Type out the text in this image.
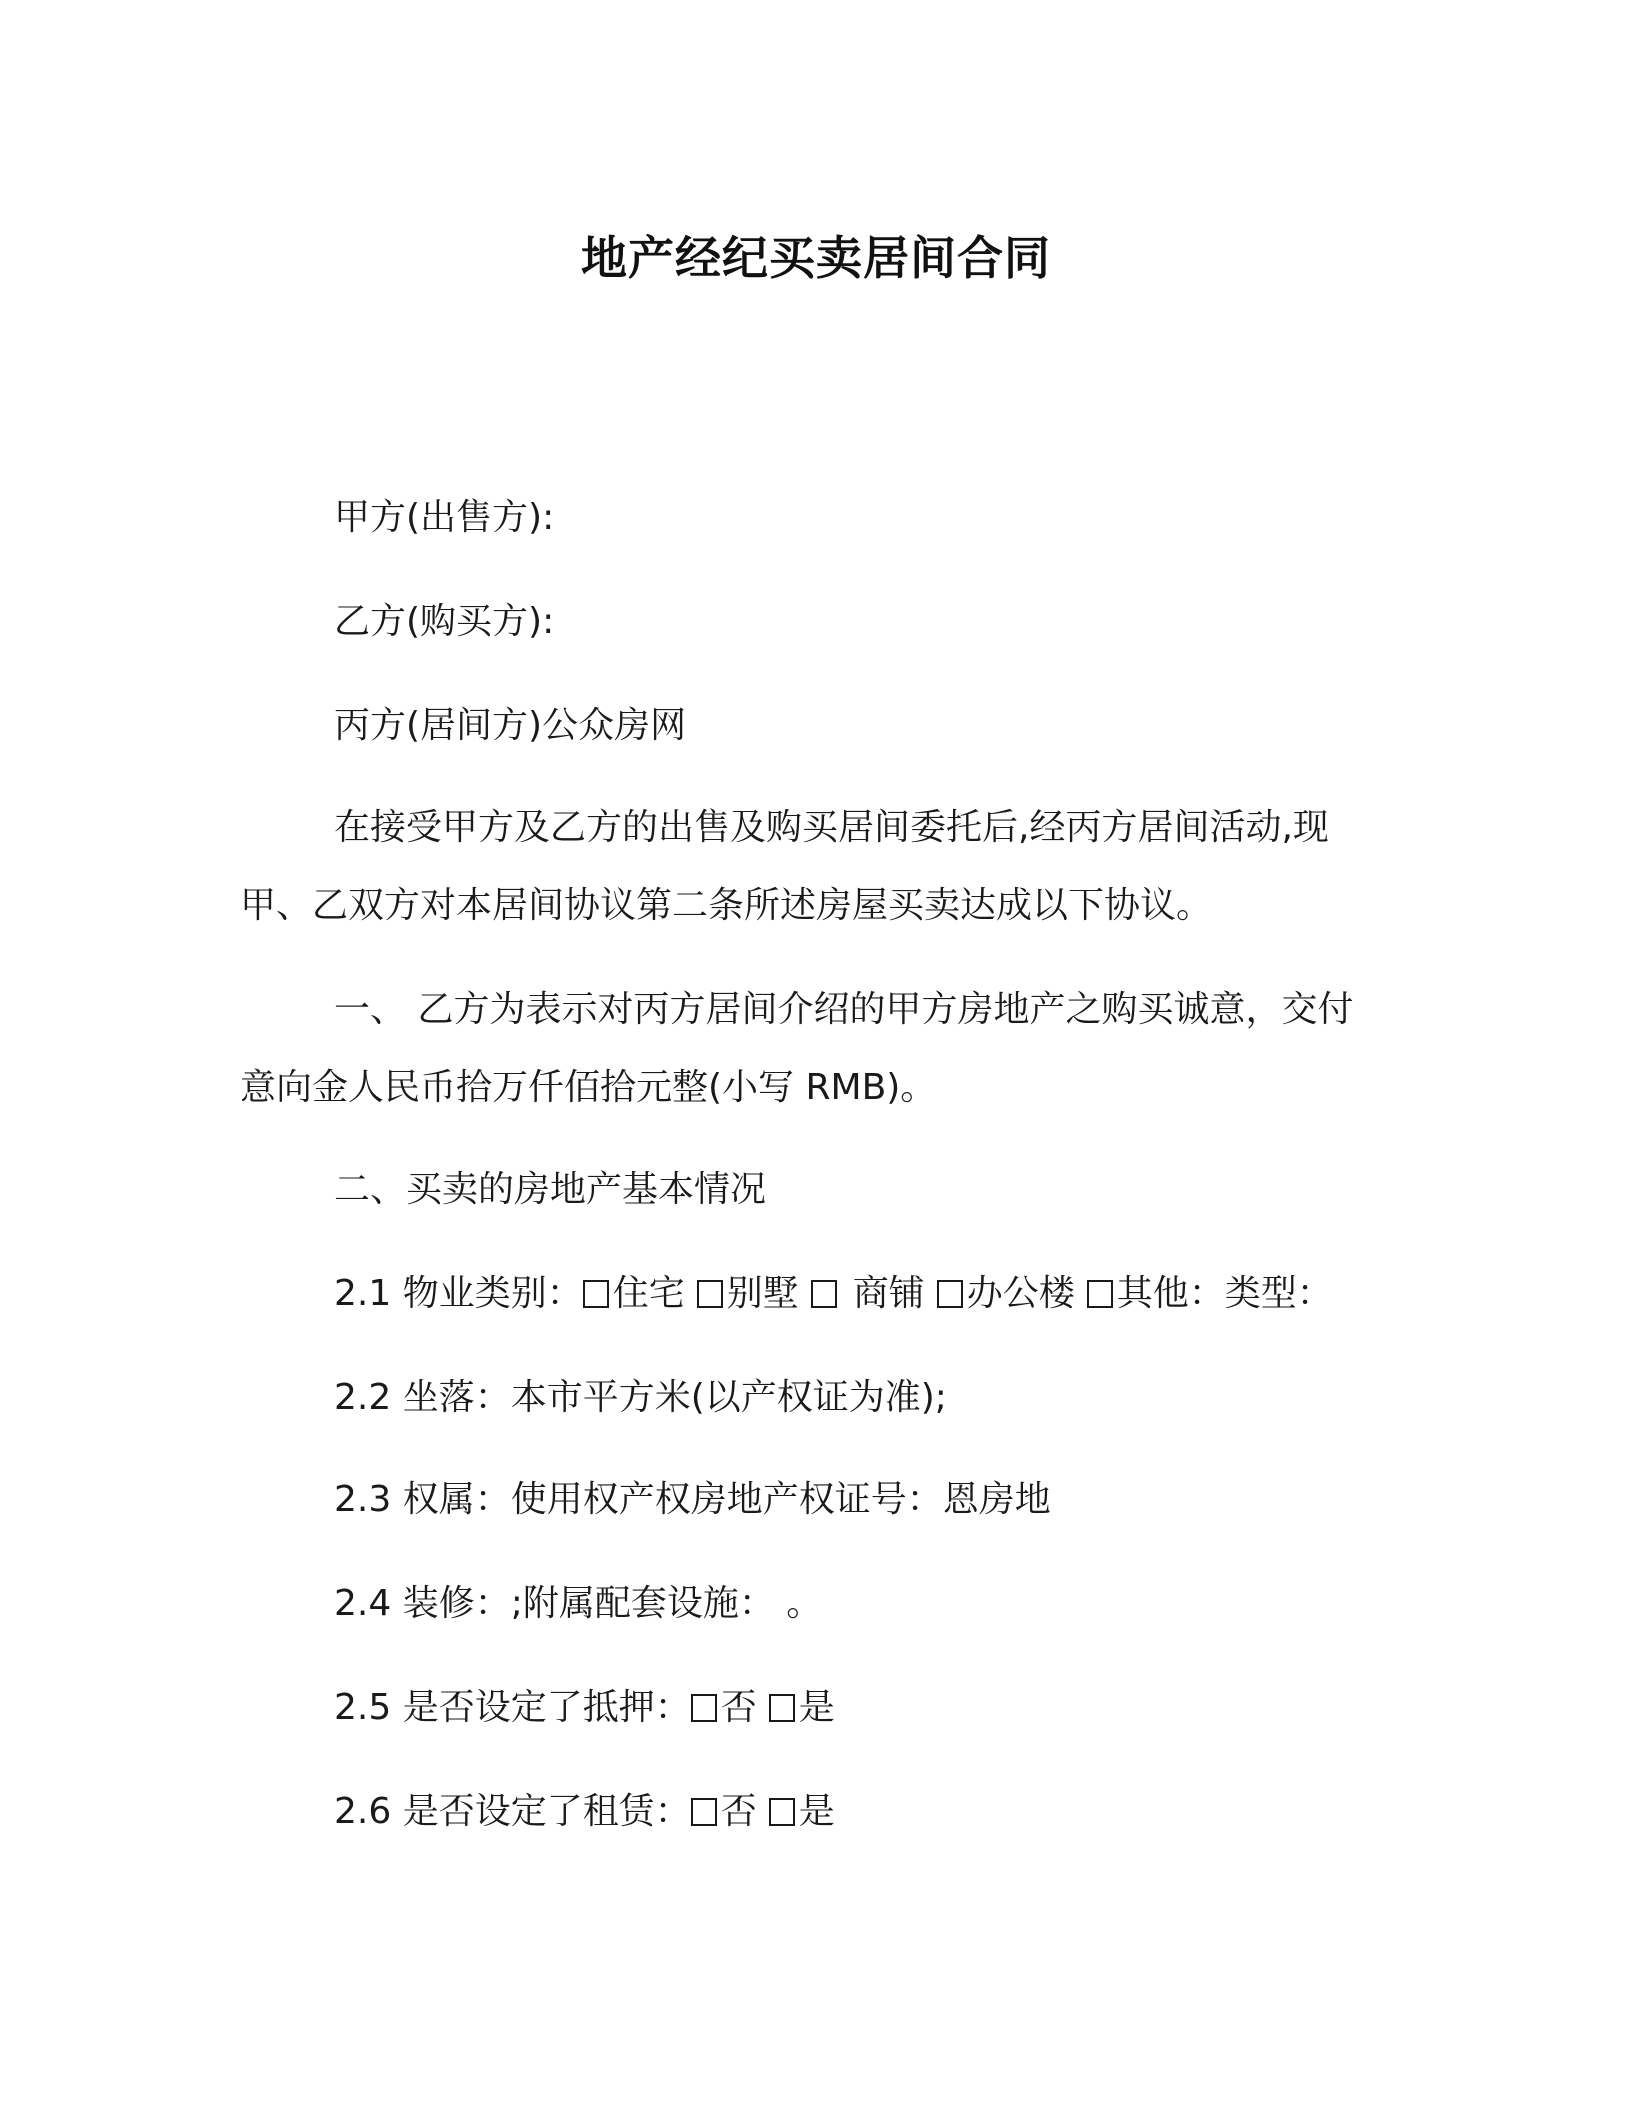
地产经纪买卖居间合同
甲方(出售方):
乙方(购买方):
丙方(居间方)公众房网
在接受甲方及乙方的出售及购买居间委托后,经丙方居间活动,现
甲、乙双方对本居间协议第二条所述房屋买卖达成以下协议。
一、 乙方为表示对丙方居间介绍的甲方房地产之购买诚意，交付
意向金人民币拾万仟佰拾元整(小写 RMB)。
二、买卖的房地产基本情况
2.1 物业类别： 住宅 别墅 商铺 办公楼 其他：类型：
2.2 坐落：本市平方米(以产权证为准);
2.3 权属：使用权产权房地产权证号：恩房地
2.4 装修：;附属配套设施： 。
2.5 是否设定了抵押： 否 是
2.6 是否设定了租赁： 否 是
